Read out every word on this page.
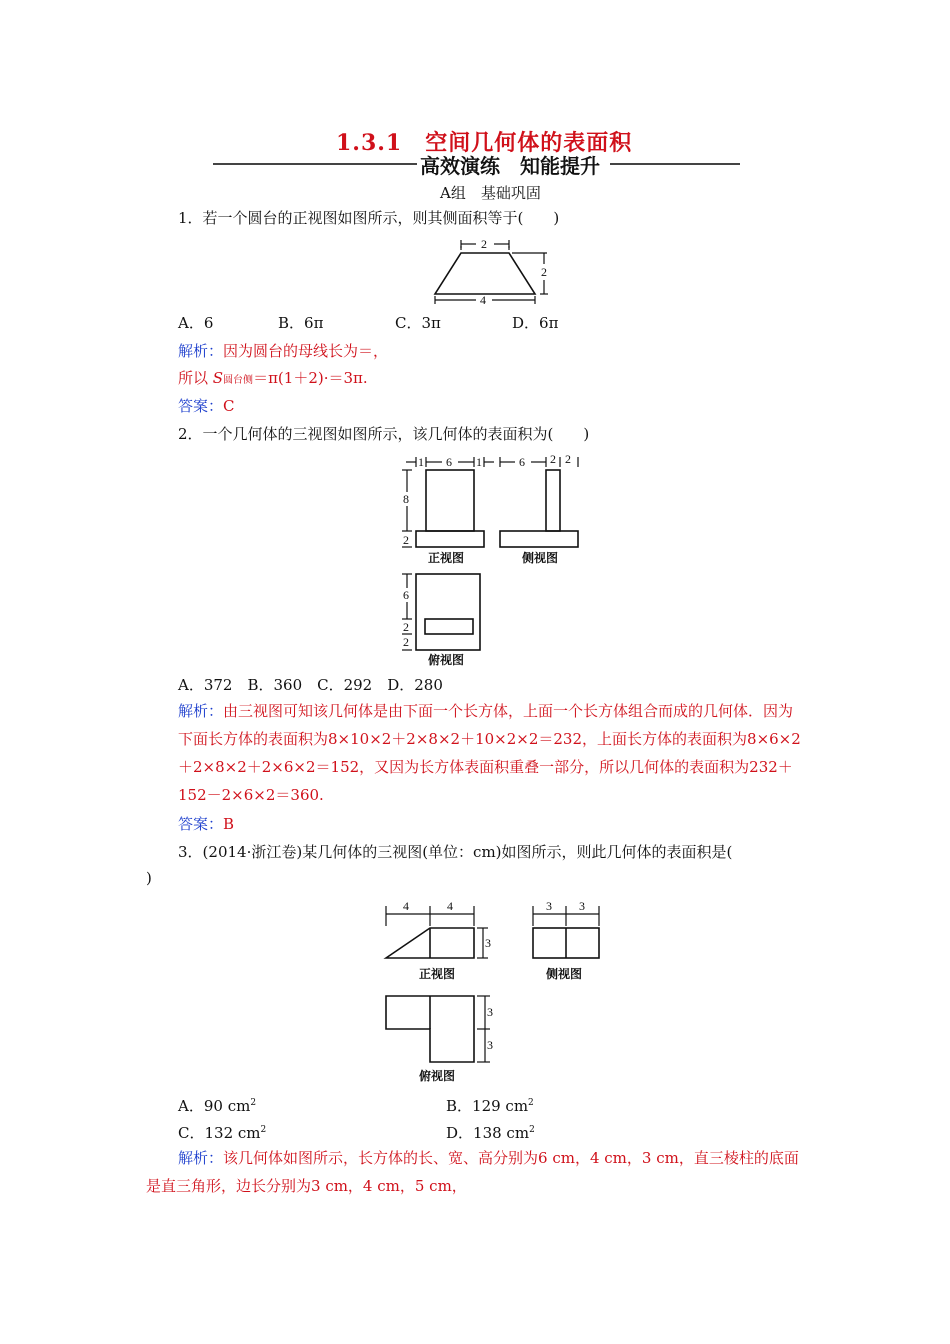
1.3.1　空间几何体的表面积
高效演练　知能提升
A组　基础巩固
1．若一个圆台的正视图如图所示，则其侧面积等于(　　)
2
2
4
A．6	B．6π	C．3π	D．6π
解析：因为圆台的母线长为＝，
所以 S圆台侧＝π(1＋2)·＝3π.
答案：C
2．一个几何体的三视图如图所示，该几何体的表面积为(　　)
1 6 1
8
2
6 2 2
6
2
2
正视图	侧视图
俯视图
A．372　B．360　C．292　D．280
解析：由三视图可知该几何体是由下面一个长方体，上面一个长方体组合而成的几何体．因为下面长方体的表面积为8×10×2＋2×8×2＋10×2×2＝232，上面长方体的表面积为8×6×2＋2×8×2＋2×6×2＝152，又因为长方体表面积重叠一部分，所以几何体的表面积为232＋152－2×6×2＝360.
答案：B
3．(2014·浙江卷)某几何体的三视图(单位：cm)如图所示，则此几何体的表面积是(
)
4	4
3
3 3
3
3
正视图	侧视图
俯视图
A．90 $cm^2$	B．129 $cm^2$
C．132 $cm^2$	D．138 $cm^2$
解析：该几何体如图所示，长方体的长、宽、高分别为6 cm，4 cm，3 cm，直三棱柱的底面是直三角形，边长分别为3 cm，4 cm，5 cm，
